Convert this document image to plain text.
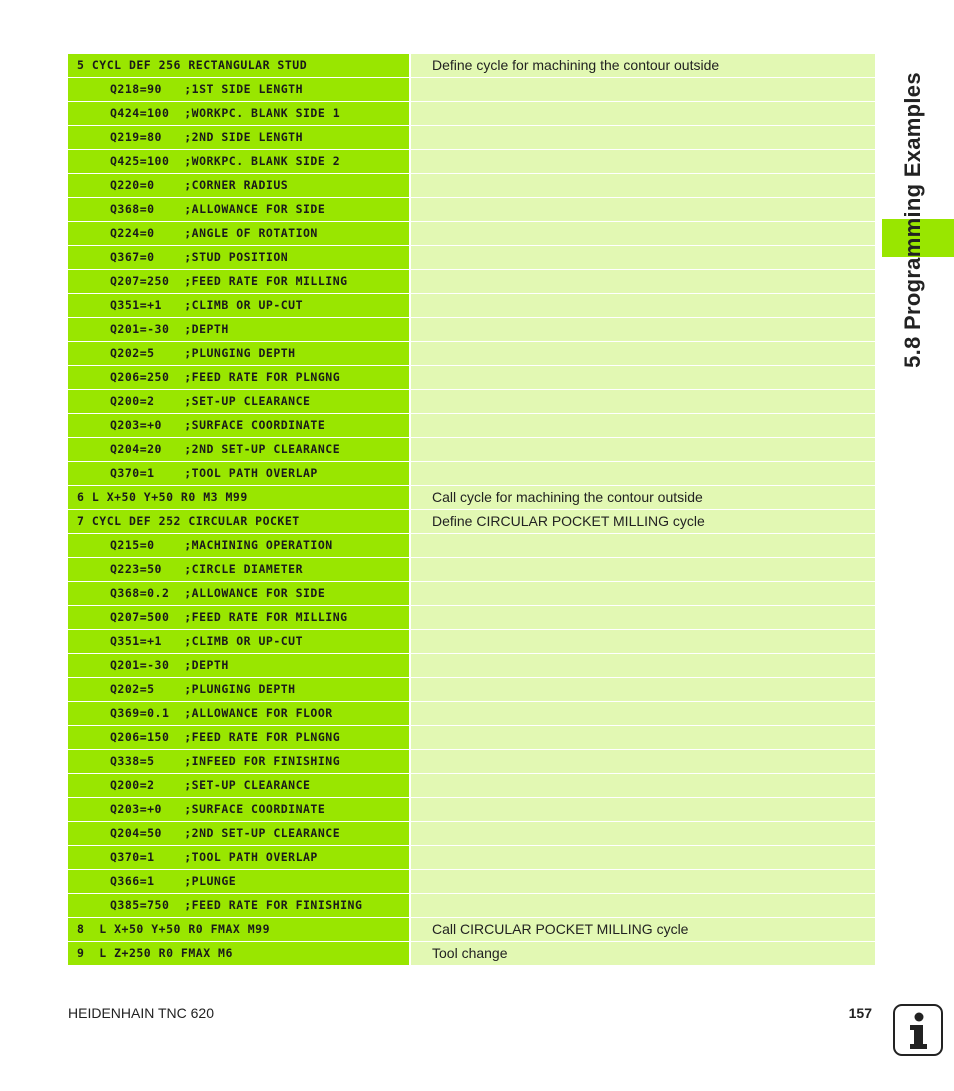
5.8 Programming Examples
5 CYCL DEF 256 RECTANGULAR STUD	Define cycle for machining the contour outside
Q218=90   ;1ST SIDE LENGTH
Q424=100  ;WORKPC. BLANK SIDE 1
Q219=80   ;2ND SIDE LENGTH
Q425=100  ;WORKPC. BLANK SIDE 2
Q220=0    ;CORNER RADIUS
Q368=0    ;ALLOWANCE FOR SIDE
Q224=0    ;ANGLE OF ROTATION
Q367=0    ;STUD POSITION
Q207=250  ;FEED RATE FOR MILLING
Q351=+1   ;CLIMB OR UP-CUT
Q201=-30  ;DEPTH
Q202=5    ;PLUNGING DEPTH
Q206=250  ;FEED RATE FOR PLNGNG
Q200=2    ;SET-UP CLEARANCE
Q203=+0   ;SURFACE COORDINATE
Q204=20   ;2ND SET-UP CLEARANCE
Q370=1    ;TOOL PATH OVERLAP
6 L X+50 Y+50 R0 M3 M99	Call cycle for machining the contour outside
7 CYCL DEF 252 CIRCULAR POCKET	Define CIRCULAR POCKET MILLING cycle
Q215=0    ;MACHINING OPERATION
Q223=50   ;CIRCLE DIAMETER
Q368=0.2  ;ALLOWANCE FOR SIDE
Q207=500  ;FEED RATE FOR MILLING
Q351=+1   ;CLIMB OR UP-CUT
Q201=-30  ;DEPTH
Q202=5    ;PLUNGING DEPTH
Q369=0.1  ;ALLOWANCE FOR FLOOR
Q206=150  ;FEED RATE FOR PLNGNG
Q338=5    ;INFEED FOR FINISHING
Q200=2    ;SET-UP CLEARANCE
Q203=+0   ;SURFACE COORDINATE
Q204=50   ;2ND SET-UP CLEARANCE
Q370=1    ;TOOL PATH OVERLAP
Q366=1    ;PLUNGE
Q385=750  ;FEED RATE FOR FINISHING
8  L X+50 Y+50 R0 FMAX M99	Call CIRCULAR POCKET MILLING cycle
9  L Z+250 R0 FMAX M6	Tool change
HEIDENHAIN TNC 620	157
